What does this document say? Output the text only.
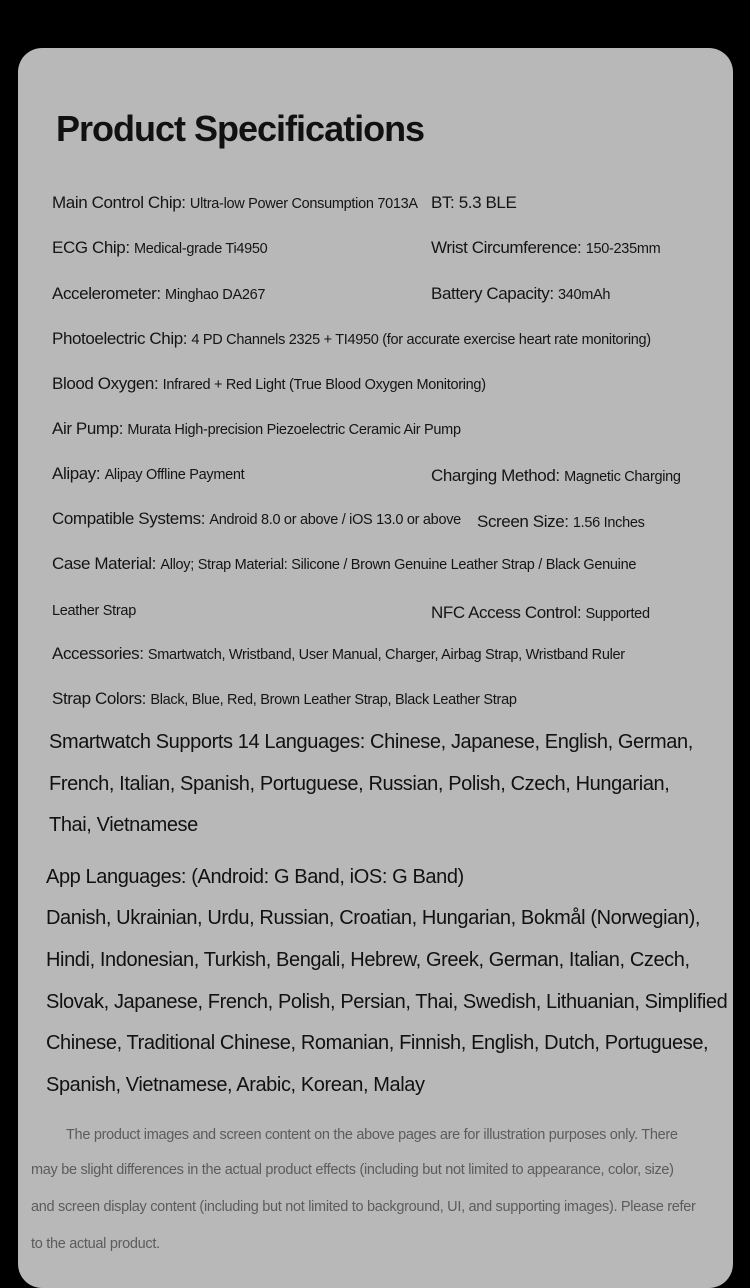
Product Specifications
Main Control Chip: Ultra-low Power Consumption 7013A BT: 5.3 BLE
ECG Chip: Medical-grade Ti4950	Wrist Circumference: 150-235mm
Accelerometer: Minghao DA267	Battery Capacity: 340mAh
Photoelectric Chip: 4 PD Channels 2325 + TI4950 (for accurate exercise heart rate monitoring)
Blood Oxygen: Infrared + Red Light (True Blood Oxygen Monitoring)
Air Pump: Murata High-precision Piezoelectric Ceramic Air Pump
Alipay: Alipay Offline Payment	Charging Method: Magnetic Charging
Compatible Systems: Android 8.0 or above / iOS 13.0 or above Screen Size: 1.56 Inches
Case Material: Alloy; Strap Material: Silicone / Brown Genuine Leather Strap / Black Genuine
Leather Strap	NFC Access Control: Supported
Accessories: Smartwatch, Wristband, User Manual, Charger, Airbag Strap, Wristband Ruler
Strap Colors: Black, Blue, Red, Brown Leather Strap, Black Leather Strap
Smartwatch Supports 14 Languages: Chinese, Japanese, English, German,
French, Italian, Spanish, Portuguese, Russian, Polish, Czech, Hungarian,
Thai, Vietnamese
App Languages: (Android: G Band, iOS: G Band)
Danish, Ukrainian, Urdu, Russian, Croatian, Hungarian, Bokmål (Norwegian),
Hindi, Indonesian, Turkish, Bengali, Hebrew, Greek, German, Italian, Czech,
Slovak, Japanese, French, Polish, Persian, Thai, Swedish, Lithuanian, Simplified
Chinese, Traditional Chinese, Romanian, Finnish, English, Dutch, Portuguese,
Spanish, Vietnamese, Arabic, Korean, Malay
The product images and screen content on the above pages are for illustration purposes only. There
may be slight differences in the actual product effects (including but not limited to appearance, color, size)
and screen display content (including but not limited to background, UI, and supporting images). Please refer
to the actual product.
